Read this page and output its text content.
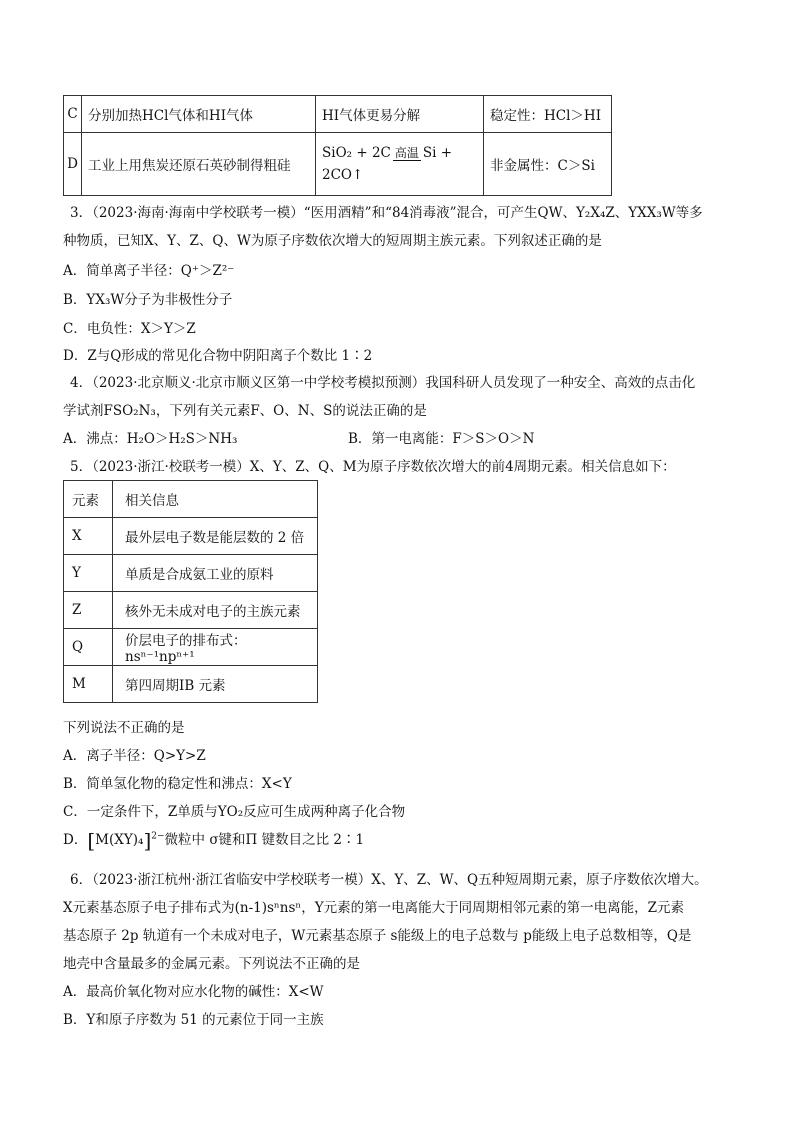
C	分别加热HCl气体和HI气体	HI气体更易分解	稳定性：HCl＞HI
D	工业上用焦炭还原石英砂制得粗硅	SiO₂ + 2C 高温 Si + 2CO↑	非金属性：C＞Si
3．（2023·海南·海南中学校联考一模）“医用酒精”和“84消毒液”混合，可产生QW、Y₂X₄Z、YXX₃W等多
种物质，已知X、Y、Z、Q、W为原子序数依次增大的短周期主族元素。下列叙述正确的是
A．简单离子半径：Q⁺＞Z²⁻
B．YX₃W分子为非极性分子
C．电负性：X＞Y＞Z
D．Z与Q形成的常见化合物中阴阳离子个数比 1∶2
4．（2023·北京顺义·北京市顺义区第一中学校考模拟预测）我国科研人员发现了一种安全、高效的点击化
学试剂FSO₂N₃，下列有关元素F、O、N、S的说法正确的是
A．沸点：H₂O＞H₂S＞NH₃	B．第一电离能：F＞S＞O＞N
5．（2023·浙江·校联考一模）X、Y、Z、Q、M为原子序数依次增大的前4周期元素。相关信息如下：
元素	相关信息
X	最外层电子数是能层数的 2 倍
Y	单质是合成氨工业的原料
Z	核外无未成对电子的主族元素
Q	价层电子的排布式：nsⁿ⁻¹npⁿ⁺¹
M	第四周期ⅠB 元素
下列说法不正确的是
A．离子半径：Q>Y>Z
B．简单氢化物的稳定性和沸点：X<Y
C．一定条件下，Z单质与YO₂反应可生成两种离子化合物
D．$[M(XY)_4]^{2-}$微粒中 σ键和Π 键数目之比 2∶1
6．（2023·浙江杭州·浙江省临安中学校联考一模）X、Y、Z、W、Q五种短周期元素，原子序数依次增大。
X元素基态原子电子排布式为(n-1)sⁿnsⁿ，Y元素的第一电离能大于同周期相邻元素的第一电离能，Z元素
基态原子 2p 轨道有一个未成对电子，W元素基态原子 s能级上的电子总数与 p能级上电子总数相等，Q是
地壳中含量最多的金属元素。下列说法不正确的是
A．最高价氧化物对应水化物的碱性：X<W
B．Y和原子序数为 51 的元素位于同一主族
